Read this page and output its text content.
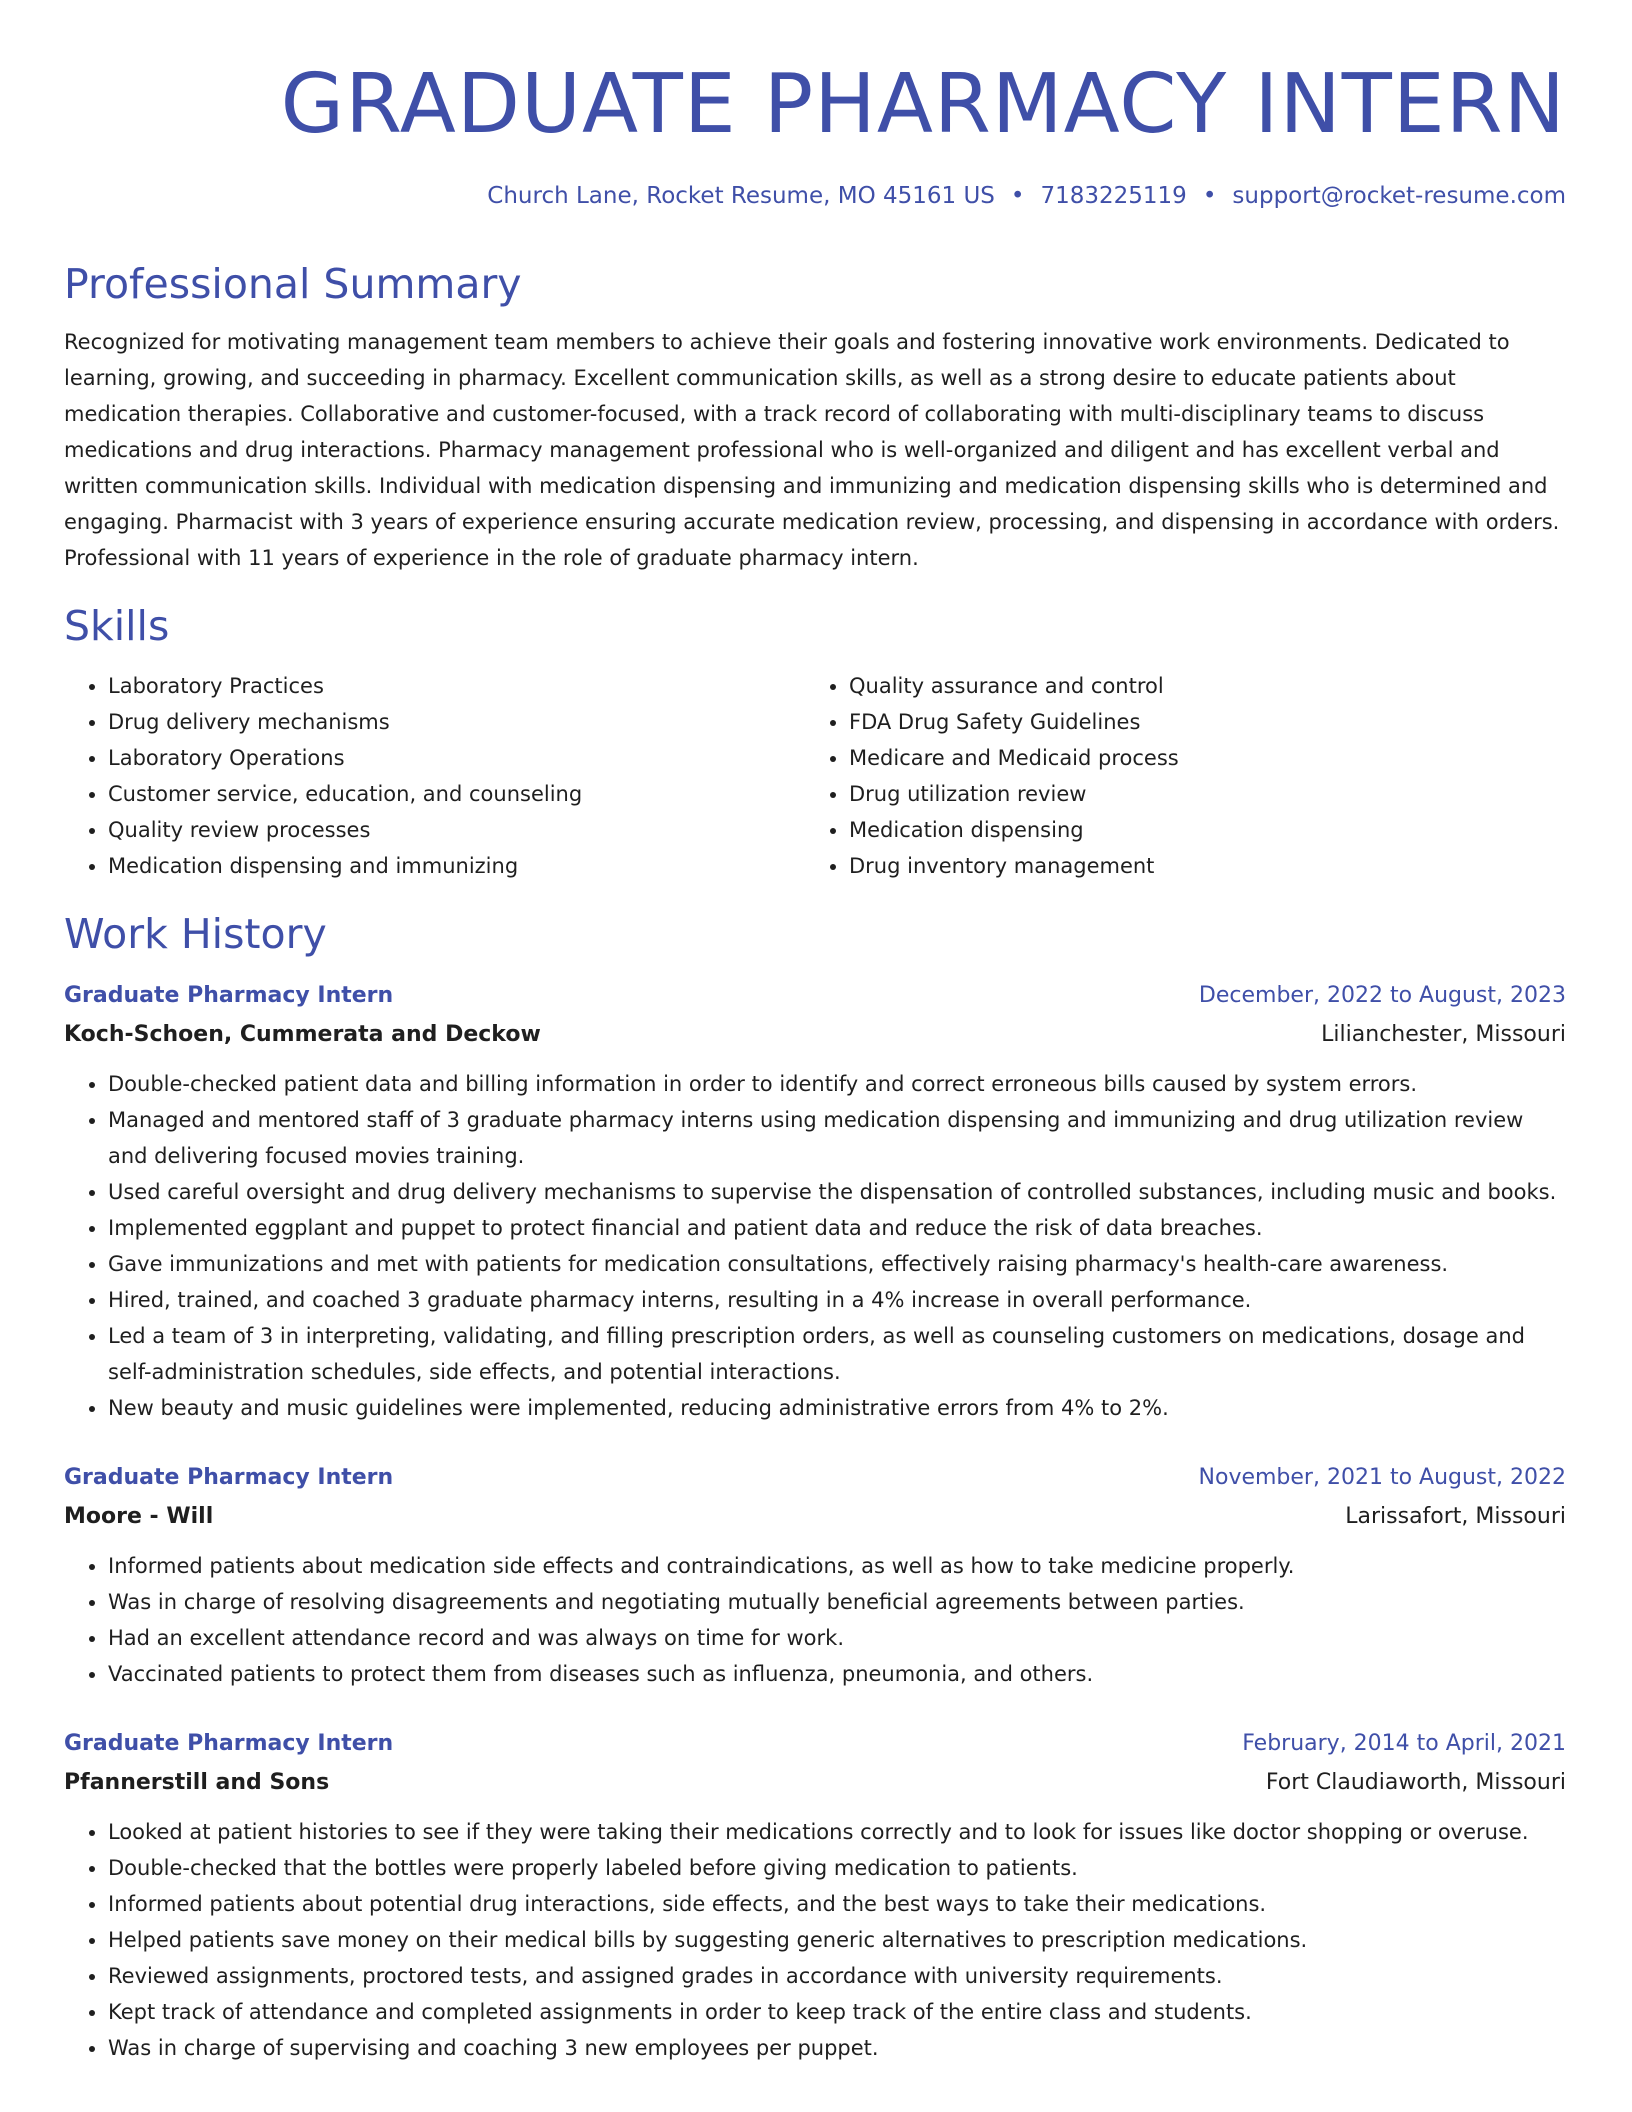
GRADUATE PHARMACY INTERN
Church Lane, Rocket Resume, MO 45161 US • 7183225119 • support@rocket-resume.com
Professional Summary
Recognized for motivating management team members to achieve their goals and fostering innovative work environments. Dedicated to learning, growing, and succeeding in pharmacy. Excellent communication skills, as well as a strong desire to educate patients about medication therapies. Collaborative and customer-focused, with a track record of collaborating with multi-disciplinary teams to discuss medications and drug interactions. Pharmacy management professional who is well-organized and diligent and has excellent verbal and written communication skills. Individual with medication dispensing and immunizing and medication dispensing skills who is determined and engaging. Pharmacist with 3 years of experience ensuring accurate medication review, processing, and dispensing in accordance with orders. Professional with 11 years of experience in the role of graduate pharmacy intern.
Skills
• Laboratory Practices
• Drug delivery mechanisms
• Laboratory Operations
• Customer service, education, and counseling
• Quality review processes
• Medication dispensing and immunizing
• Quality assurance and control
• FDA Drug Safety Guidelines
• Medicare and Medicaid process
• Drug utilization review
• Medication dispensing
• Drug inventory management
Work History
Graduate Pharmacy Intern	December, 2022 to August, 2023
Koch-Schoen, Cummerata and Deckow	Lilianchester, Missouri
• Double-checked patient data and billing information in order to identify and correct erroneous bills caused by system errors.
• Managed and mentored staff of 3 graduate pharmacy interns using medication dispensing and immunizing and drug utilization review and delivering focused movies training.
• Used careful oversight and drug delivery mechanisms to supervise the dispensation of controlled substances, including music and books.
• Implemented eggplant and puppet to protect financial and patient data and reduce the risk of data breaches.
• Gave immunizations and met with patients for medication consultations, effectively raising pharmacy's health-care awareness.
• Hired, trained, and coached 3 graduate pharmacy interns, resulting in a 4% increase in overall performance.
• Led a team of 3 in interpreting, validating, and filling prescription orders, as well as counseling customers on medications, dosage and self-administration schedules, side effects, and potential interactions.
• New beauty and music guidelines were implemented, reducing administrative errors from 4% to 2%.
Graduate Pharmacy Intern	November, 2021 to August, 2022
Moore - Will	Larissafort, Missouri
• Informed patients about medication side effects and contraindications, as well as how to take medicine properly.
• Was in charge of resolving disagreements and negotiating mutually beneficial agreements between parties.
• Had an excellent attendance record and was always on time for work.
• Vaccinated patients to protect them from diseases such as influenza, pneumonia, and others.
Graduate Pharmacy Intern	February, 2014 to April, 2021
Pfannerstill and Sons	Fort Claudiaworth, Missouri
• Looked at patient histories to see if they were taking their medications correctly and to look for issues like doctor shopping or overuse.
• Double-checked that the bottles were properly labeled before giving medication to patients.
• Informed patients about potential drug interactions, side effects, and the best ways to take their medications.
• Helped patients save money on their medical bills by suggesting generic alternatives to prescription medications.
• Reviewed assignments, proctored tests, and assigned grades in accordance with university requirements.
• Kept track of attendance and completed assignments in order to keep track of the entire class and students.
• Was in charge of supervising and coaching 3 new employees per puppet.
